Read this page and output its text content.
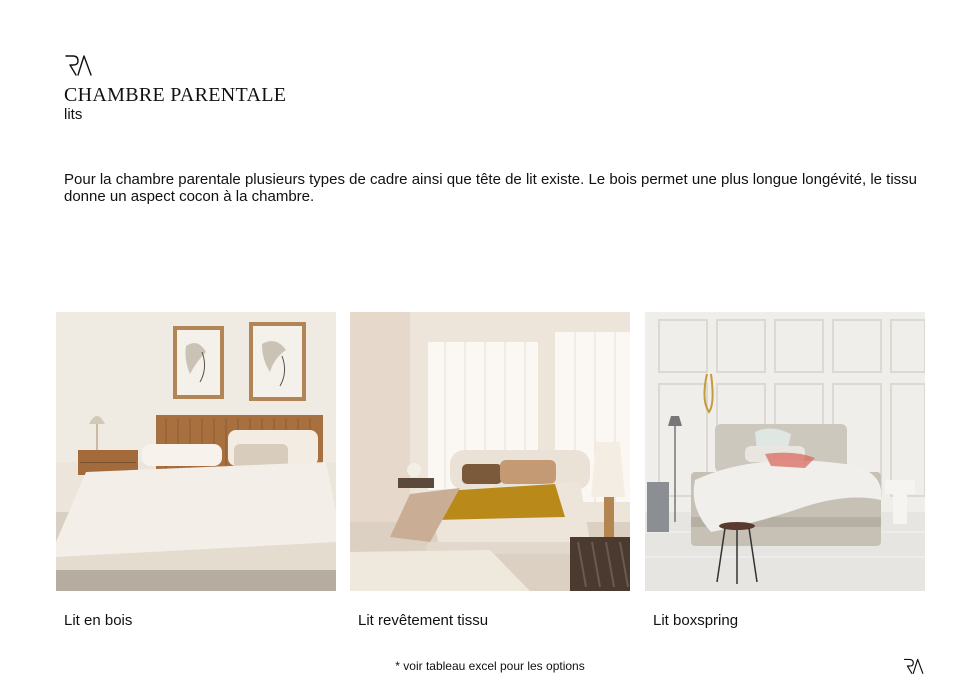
CHAMBRE PARENTALE

lits

Pour la chambre parentale plusieurs types de cadre ainsi que tête de lit existe. Le bois permet une plus longue longévité, le tissu donne un aspect cocon à la chambre.

Lit en bois	Lit revêtement tissu	Lit boxspring

* voir tableau excel pour les options
